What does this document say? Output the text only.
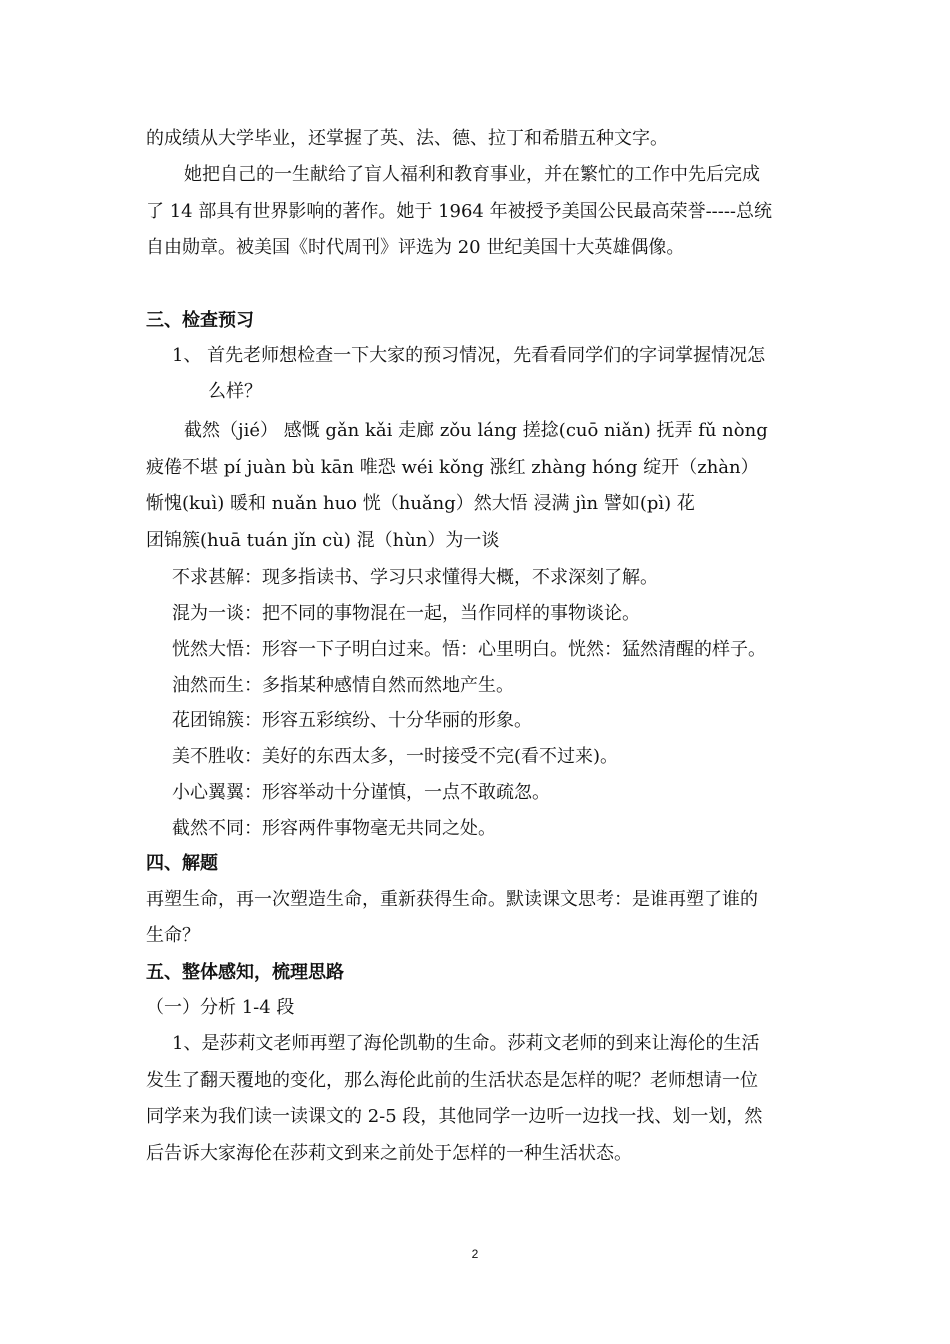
的成绩从大学毕业，还掌握了英、法、德、拉丁和希腊五种文字。
她把自己的一生献给了盲人福利和教育事业，并在繁忙的工作中先后完成
了 14 部具有世界影响的著作。她于 1964 年被授予美国公民最高荣誉-----总统
自由勋章。被美国《时代周刊》评选为 20 世纪美国十大英雄偶像。
三、检查预习
1、 首先老师想检查一下大家的预习情况，先看看同学们的字词掌握情况怎
么样？
截然（jié） 感慨 gǎn kǎi 走廊 zǒu láng 搓捻(cuō niǎn) 抚弄 fǔ nòng
疲倦不堪 pí juàn bù kān 唯恐 wéi kǒng 涨红 zhàng hóng 绽开（zhàn）
惭愧(kuì) 暖和 nuǎn huo 恍（huǎng）然大悟 浸满 jìn 譬如(pì) 花
团锦簇(huā tuán jǐn cù) 混（hùn）为一谈
不求甚解：现多指读书、学习只求懂得大概，不求深刻了解。
混为一谈：把不同的事物混在一起，当作同样的事物谈论。
恍然大悟：形容一下子明白过来。悟：心里明白。恍然：猛然清醒的样子。
油然而生：多指某种感情自然而然地产生。
花团锦簇：形容五彩缤纷、十分华丽的形象。
美不胜收：美好的东西太多，一时接受不完(看不过来)。
小心翼翼：形容举动十分谨慎，一点不敢疏忽。
截然不同：形容两件事物毫无共同之处。
四、解题
再塑生命，再一次塑造生命，重新获得生命。默读课文思考：是谁再塑了谁的
生命？
五、整体感知，梳理思路
（一）分析 1-4 段
1、是莎莉文老师再塑了海伦凯勒的生命。莎莉文老师的到来让海伦的生活
发生了翻天覆地的变化，那么海伦此前的生活状态是怎样的呢？老师想请一位
同学来为我们读一读课文的 2-5 段，其他同学一边听一边找一找、划一划，然
后告诉大家海伦在莎莉文到来之前处于怎样的一种生活状态。
2
